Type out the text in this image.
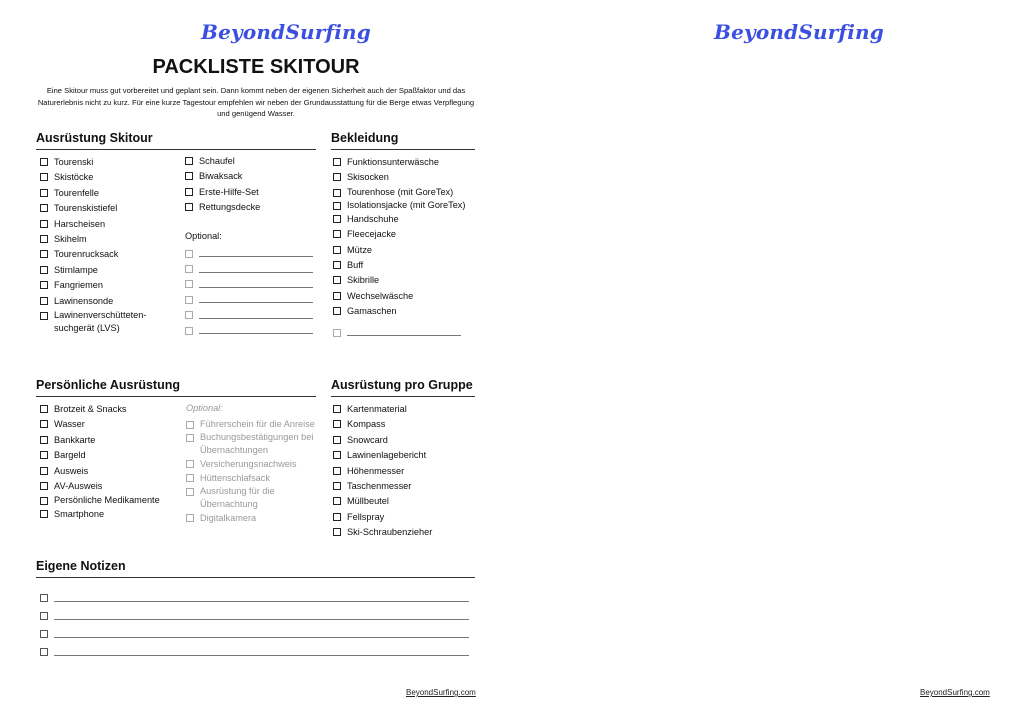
BeyondSurfing
PACKLISTE SKITOUR
Eine Skitour muss gut vorbereitet und geplant sein. Dann kommt neben der eigenen Sicherheit auch der Spaßfaktor und das Naturerlebnis nicht zu kurz. Für eine kurze Tagestour empfehlen wir neben der Grundausstattung für die Berge etwas Verpflegung und genügend Wasser.
Ausrüstung Skitour
Tourenski
Skistöcke
Tourenfelle
Tourenskistiefel
Harscheisen
Skihelm
Tourenrucksack
Stirnlampe
Fangriemen
Lawinensonde
Lawinenverschütteten-suchgerät (LVS)
Schaufel
Biwaksack
Erste-Hilfe-Set
Rettungsdecke
Optional:
Bekleidung
Funktionsunterwäsche
Skisocken
Tourenhose (mit GoreTex)
Isolationsjacke (mit GoreTex)
Handschuhe
Fleecejacke
Mütze
Buff
Skibrille
Wechselwäsche
Gamaschen
Persönliche Ausrüstung
Brotzeit & Snacks
Wasser
Bankkarte
Bargeld
Ausweis
AV-Ausweis
Persönliche Medikamente
Smartphone
Optional:
Führerschein für die Anreise
Buchungsbestätigungen bei Übernachtungen
Versicherungsnachweis
Hüttenschlafsack
Ausrüstung für die Übernachtung
Digitalkamera
Ausrüstung pro Gruppe
Kartenmaterial
Kompass
Snowcard
Lawinenlagebericht
Höhenmesser
Taschenmesser
Müllbeutel
Fellspray
Ski-Schraubenzieher
Eigene Notizen
BeyondSurfing.com
BeyondSurfing
BeyondSurfing.com
